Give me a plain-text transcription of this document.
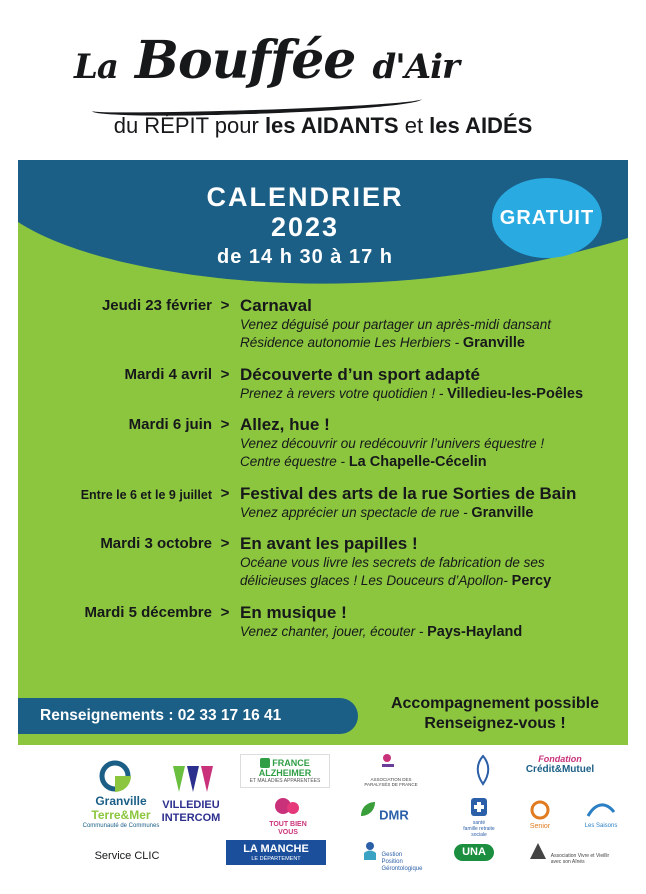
La Bouffée d'Air
du RÉPIT pour les AIDANTS et les AIDÉS
CALENDRIER
2023
de 14 h 30 à 17 h
GRATUIT
Jeudi 23 février > Carnaval
Venez déguisé pour partager un après-midi dansant
Résidence autonomie Les Herbiers - Granville
Mardi 4 avril > Découverte d’un sport adapté
Prenez à revers votre quotidien ! - Villedieu-les-Poêles
Mardi 6 juin > Allez, hue !
Venez découvrir ou redécouvrir l’univers équestre !
Centre équestre - La Chapelle-Cécelin
Entre le 6 et le 9 juillet > Festival des arts de la rue Sorties de Bain
Venez apprécier un spectacle de rue - Granville
Mardi 3 octobre > En avant les papilles !
Océane vous livre les secrets de fabrication de ses
délicieuses glaces ! Les Douceurs d’Apollon- Percy
Mardi 5 décembre > En musique !
Venez chanter, jouer, écouter - Pays-Hayland
Renseignements : 02 33 17 16 41
Accompagnement possible
Renseignez-vous !
Granville
Terre&Mer
Communauté de Communes
VILLEDIEU
INTERCOM
FRANCE
ALZHEIMER
ET MALADIES APPARENTÉES	ASSOCIATION DES
PARALYSÉS DE FRANCE
Fondation
Crédit&Mutuel
TOUT BIEN
VOUS
DMR
santé
famille retraite
sociale
Senior	Les Saisons
LA MANCHE
LE DÉPARTEMENT

Gestion
Position
Gérontologique
UNA
	Association Vivre et Vieillir
avec son Aînés
Service CLIC
